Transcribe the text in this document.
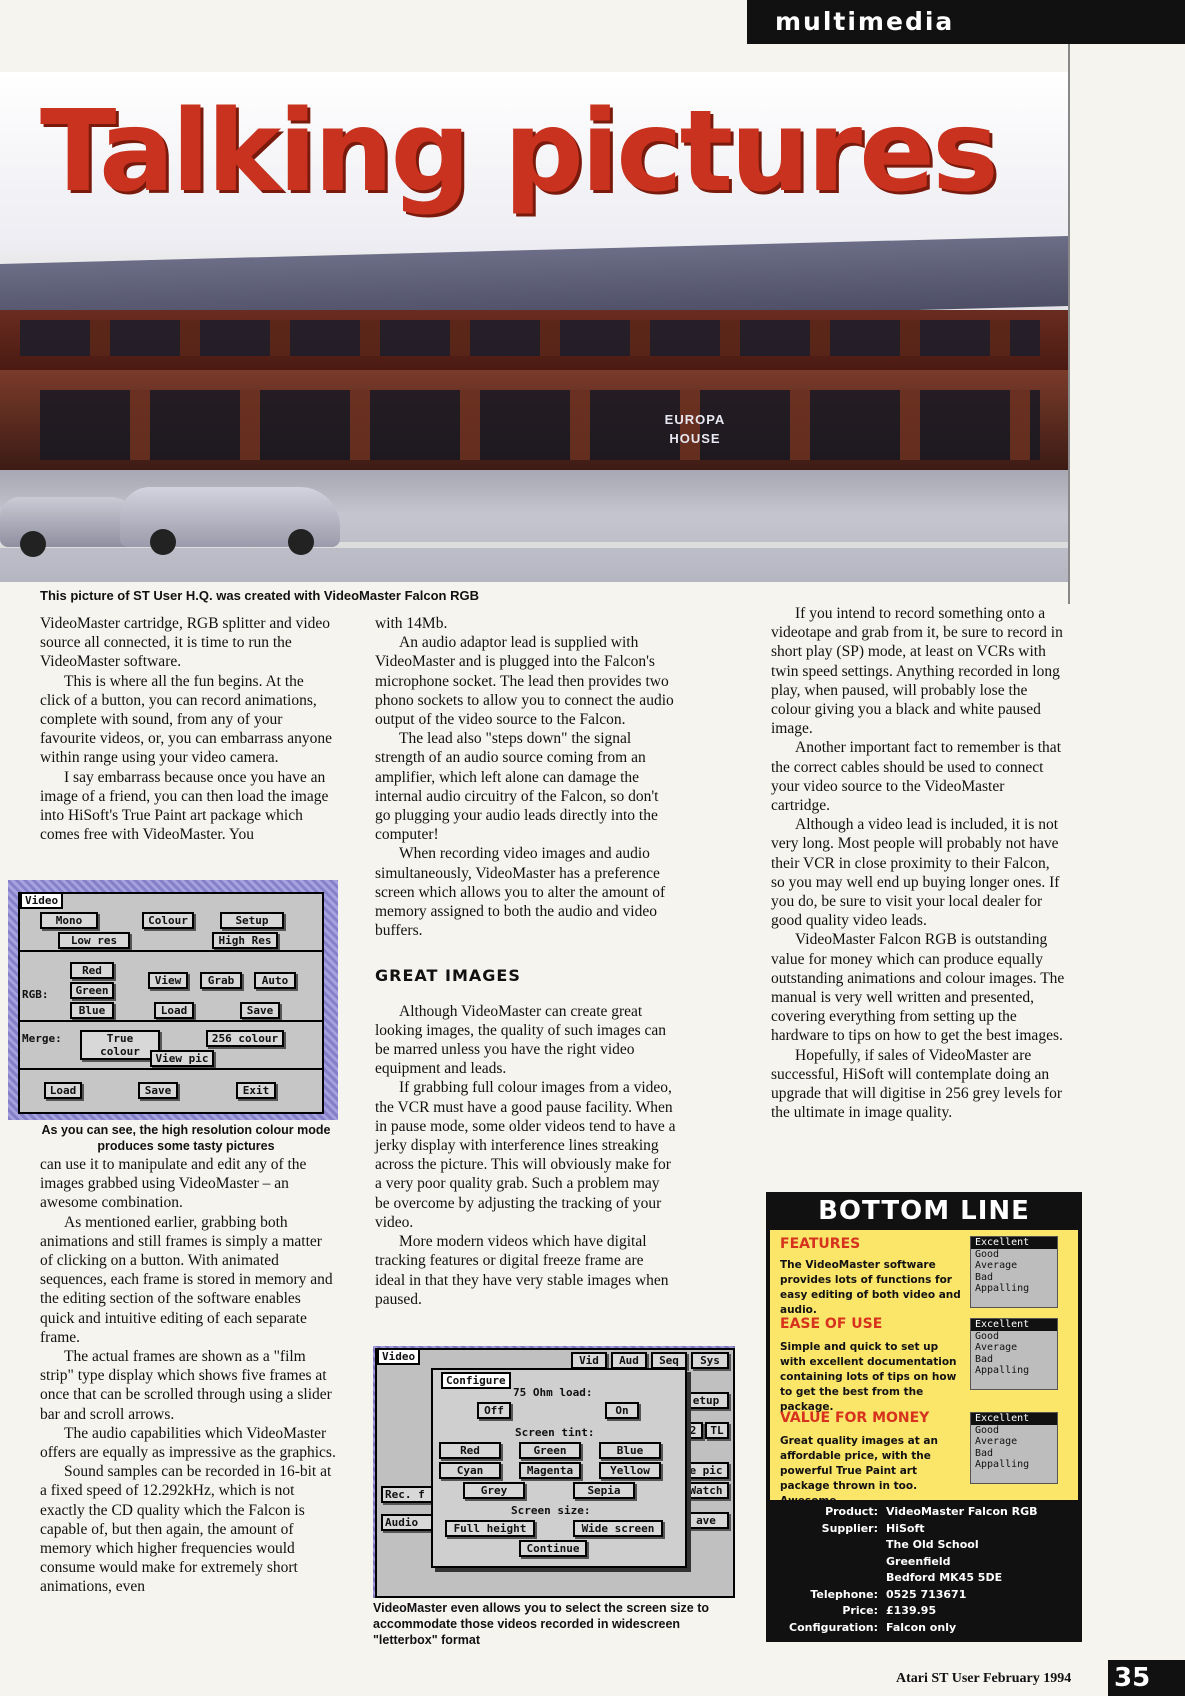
multimedia
EUROPA HOUSE
Talking pictures
This picture of ST User H.Q. was created with VideoMaster Falcon RGB

VideoMaster cartridge, RGB splitter and video source all connected, it is time to run the VideoMaster software.

This is where all the fun begins. At the click of a button, you can record animations, complete with sound, from any of your favourite videos, or, you can embarrass anyone within range using your video camera.

I say embarrass because once you have an image of a friend, you can then load the image into HiSoft's True Paint art package which comes free with VideoMaster. You

Video
Mono	Colour	Setup
Low res	High Res
RGB:
Red
Green
Blue
View	Grab	Auto
Load	Save
Merge:	True colour
256 colour
View pic
Load	Save	Exit
As you can see, the high resolution colour mode produces some tasty pictures

can use it to manipulate and edit any of the images grabbed using VideoMaster – an awesome combination.

As mentioned earlier, grabbing both animations and still frames is simply a matter of clicking on a button. With animated sequences, each frame is stored in memory and the editing section of the software enables quick and intuitive editing of each separate frame.

The actual frames are shown as a "film strip" type display which shows five frames at once that can be scrolled through using a slider bar and scroll arrows.

The audio capabilities which VideoMaster offers are equally as impressive as the graphics.

Sound samples can be recorded in 16-bit at a fixed speed of 12.292kHz, which is not exactly the CD quality which the Falcon is capable of, but then again, the amount of memory which higher frequencies would consume would make for extremely short animations, even

with 14Mb.

An audio adaptor lead is supplied with VideoMaster and is plugged into the Falcon's microphone socket. The lead then provides two phono sockets to allow you to connect the audio output of the video source to the Falcon.

The lead also "steps down" the signal strength of an audio source coming from an amplifier, which left alone can damage the internal audio circuitry of the Falcon, so don't go plugging your audio leads directly into the computer!

When recording video images and audio simultaneously, VideoMaster has a preference screen which allows you to alter the amount of memory assigned to both the audio and video buffers.

GREAT IMAGES

Although VideoMaster can create great looking images, the quality of such images can be marred unless you have the right video equipment and leads.

If grabbing full colour images from a video, the VCR must have a good pause facility. When in pause mode, some older videos tend to have a jerky display with interference lines streaking across the picture. This will obviously make for a very poor quality grab. Such a problem may be overcome by adjusting the tracking of your video.

More modern videos which have digital tracking features or digital freeze frame are ideal in that they have very stable images when paused.

Video	Vid	Aud	Seq	Sys
etup
2	TL
e pic
Watch
ave
Rec. f
Audio
Configure
75 Ohm load:
Off	On
Screen tint:
Red	Green	Blue
Cyan	Magenta	Yellow
Grey	Sepia
Screen size:
Full height	Wide screen
Continue
VideoMaster even allows you to select the screen size to accommodate those videos recorded in widescreen "letterbox" format

If you intend to record something onto a videotape and grab from it, be sure to record in short play (SP) mode, at least on VCRs with twin speed settings. Anything recorded in long play, when paused, will probably lose the colour giving you a black and white paused image.

Another important fact to remember is that the correct cables should be used to connect your video source to the VideoMaster cartridge.

Although a video lead is included, it is not very long. Most people will probably not have their VCR in close proximity to their Falcon, so you may well end up buying longer ones. If you do, be sure to visit your local dealer for good quality video leads.

VideoMaster Falcon RGB is outstanding value for money which can produce equally outstanding animations and colour images. The manual is very well written and presented, covering everything from setting up the hardware to tips on how to get the best images.

Hopefully, if sales of VideoMaster are successful, HiSoft will contemplate doing an upgrade that will digitise in 256 grey levels for the ultimate in image quality.

BOTTOM LINE
FEATURES
The VideoMaster software provides lots of functions for easy editing of both video and audio.
Excellent
Good
Average
Bad
Appalling
EASE OF USE
Simple and quick to set up with excellent documentation containing lots of tips on how to get the best from the package.
Excellent
Good
Average
Bad
Appalling
VALUE FOR MONEY
Great quality images at an affordable price, with the powerful True Paint art package thrown in too. Awesome.
Excellent
Good
Average
Bad
Appalling
Product: VideoMaster Falcon RGB
Supplier: HiSoft
The Old School
Greenfield
Bedford MK45 5DE
Telephone: 0525 713671
Price: £139.95
Configuration: Falcon only
Atari ST User February 1994 35
